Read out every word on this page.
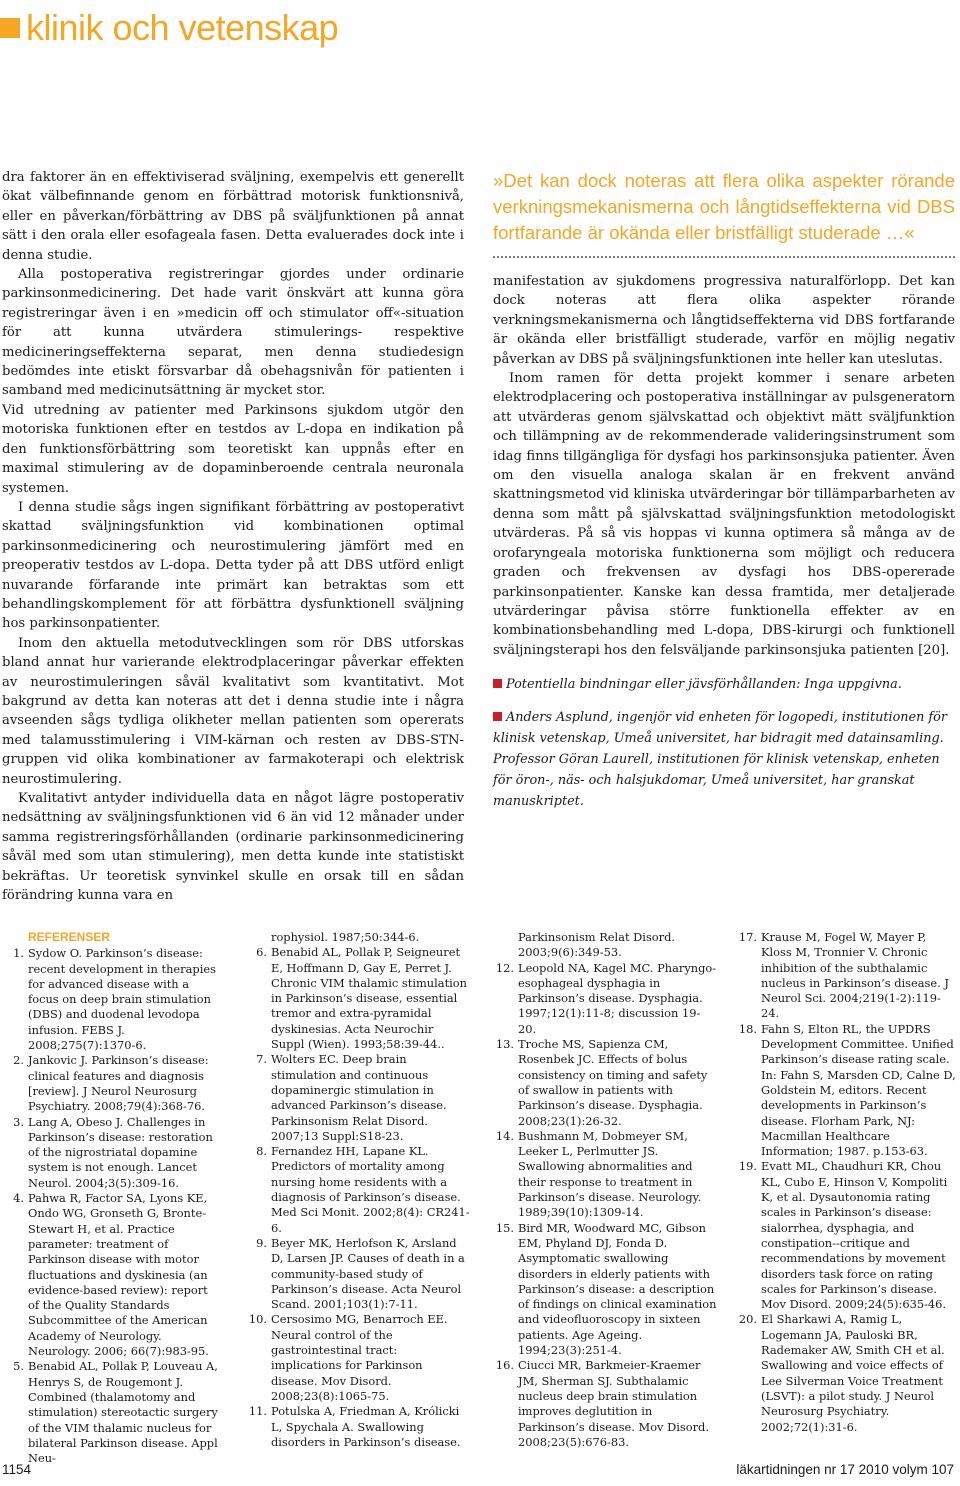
klinik och vetenskap

dra faktorer än en effektiviserad sväljning, exempelvis ett generellt ökat välbefinnande genom en förbättrad motorisk funktionsnivå, eller en påverkan/förbättring av DBS på sväljfunktionen på annat sätt i den orala eller esofageala fasen. Detta evaluerades dock inte i denna studie.

Alla postoperativa registreringar gjordes under ordinarie parkinsonmedicinering. Det hade varit önskvärt att kunna göra registreringar även i en »medicin off och stimulator off«-situation för att kunna utvärdera stimulerings- respektive medicineringseffekterna separat, men denna studiedesign bedömdes inte etiskt försvarbar då obehagsnivån för patienten i samband med medicinutsättning är mycket stor.

Vid utredning av patienter med Parkinsons sjukdom utgör den motoriska funktionen efter en testdos av L-dopa en indikation på den funktionsförbättring som teoretiskt kan uppnås efter en maximal stimulering av de dopaminberoende centrala neuronala systemen.

I denna studie sågs ingen signifikant förbättring av postoperativt skattad sväljningsfunktion vid kombinationen optimal parkinsonmedicinering och neurostimulering jämfört med en preoperativ testdos av L-dopa. Detta tyder på att DBS utförd enligt nuvarande förfarande inte primärt kan betraktas som ett behandlingskomplement för att förbättra dysfunktionell sväljning hos parkinsonpatienter.

Inom den aktuella metodutvecklingen som rör DBS utforskas bland annat hur varierande elektrodplaceringar påverkar effekten av neurostimuleringen såväl kvalitativt som kvantitativt. Mot bakgrund av detta kan noteras att det i denna studie inte i några avseenden sågs tydliga olikheter mellan patienten som opererats med talamusstimulering i VIM-kärnan och resten av DBS-STN-gruppen vid olika kombinationer av farmakoterapi och elektrisk neurostimulering.

Kvalitativt antyder individuella data en något lägre postoperativ nedsättning av sväljningsfunktionen vid 6 än vid 12 månader under samma registreringsförhållanden (ordinarie parkinsonmedicinering såväl med som utan stimulering), men detta kunde inte statistiskt bekräftas. Ur teoretisk synvinkel skulle en orsak till en sådan förändring kunna vara en

»Det kan dock noteras att flera olika aspekter rörande verkningsmekanismerna och långtidseffekterna vid DBS fortfarande är okända eller bristfälligt studerade …«

manifestation av sjukdomens progressiva naturalförlopp. Det kan dock noteras att flera olika aspekter rörande verkningsmekanismerna och långtidseffekterna vid DBS fortfarande är okända eller bristfälligt studerade, varför en möjlig negativ påverkan av DBS på sväljningsfunktionen inte heller kan uteslutas.

Inom ramen för detta projekt kommer i senare arbeten elektrodplacering och postoperativa inställningar av pulsgeneratorn att utvärderas genom självskattad och objektivt mätt sväljfunktion och tillämpning av de rekommenderade valideringsinstrument som idag finns tillgängliga för dysfagi hos parkinsonsjuka patienter. Även om den visuella analoga skalan är en frekvent använd skattningsmetod vid kliniska utvärderingar bör tillämparbarheten av denna som mått på självskattad sväljningsfunktion metodologiskt utvärderas. På så vis hoppas vi kunna optimera så många av de orofaryngeala motoriska funktionerna som möjligt och reducera graden och frekvensen av dysfagi hos DBS-opererade parkinsonpatienter. Kanske kan dessa framtida, mer detaljerade utvärderingar påvisa större funktionella effekter av en kombinationsbehandling med L-dopa, DBS-kirurgi och funktionell sväljningsterapi hos den felsväljande parkinsonsjuka patienten [20].

Potentiella bindningar eller jävsförhållanden: Inga uppgivna.
Anders Asplund, ingenjör vid enheten för logopedi, institutionen för klinisk vetenskap, Umeå universitet, har bidragit med datainsamling. Professor Göran Laurell, institutionen för klinisk vetenskap, enheten för öron-, näs- och halsjukdomar, Umeå universitet, har granskat manuskriptet.
REFERENSER
1. Sydow O. Parkinson’s disease: recent development in therapies for advanced disease with a focus on deep brain stimulation (DBS) and duodenal levodopa infusion. FEBS J. 2008;275(7):1370-6.
2. Jankovic J. Parkinson’s disease: clinical features and diagnosis [review]. J Neurol Neurosurg Psychiatry. 2008;79(4):368-76.
3. Lang A, Obeso J. Challenges in Parkinson’s disease: restoration of the nigrostriatal dopamine system is not enough. Lancet Neurol. 2004;3(5):309-16.
4. Pahwa R, Factor SA, Lyons KE, Ondo WG, Gronseth G, Bronte-Stewart H, et al. Practice parameter: treatment of Parkinson disease with motor fluctuations and dyskinesia (an evidence-based review): report of the Quality Standards Subcommittee of the American Academy of Neurology. Neurology. 2006; 66(7):983-95.
5. Benabid AL, Pollak P, Louveau A, Henrys S, de Rougemont J. Combined (thalamotomy and stimulation) stereotactic surgery of the VIM thalamic nucleus for bilateral Parkinson disease. Appl Neu-
rophysiol. 1987;50:344-6.
6. Benabid AL, Pollak P, Seigneuret E, Hoffmann D, Gay E, Perret J. Chronic VIM thalamic stimulation in Parkinson’s disease, essential tremor and extra-pyramidal dyskinesias. Acta Neurochir Suppl (Wien). 1993;58:39-44..
7. Wolters EC. Deep brain stimulation and continuous dopaminergic stimulation in advanced Parkinson’s disease. Parkinsonism Relat Disord. 2007;13 Suppl:S18-23.
8. Fernandez HH, Lapane KL. Predictors of mortality among nursing home residents with a diagnosis of Parkinson’s disease. Med Sci Monit. 2002;8(4): CR241-6.
9. Beyer MK, Herlofson K, Arsland D, Larsen JP. Causes of death in a community-based study of Parkinson’s disease. Acta Neurol Scand. 2001;103(1):7-11.
10. Cersosimo MG, Benarroch EE. Neural control of the gastrointestinal tract: implications for Parkinson disease. Mov Disord. 2008;23(8):1065-75.
11. Potulska A, Friedman A, Królicki L, Spychala A. Swallowing disorders in Parkinson’s disease.
Parkinsonism Relat Disord. 2003;9(6):349-53.
12. Leopold NA, Kagel MC. Pharyngo-esophageal dysphagia in Parkinson’s disease. Dysphagia. 1997;12(1):11-8; discussion 19-20.
13. Troche MS, Sapienza CM, Rosenbek JC. Effects of bolus consistency on timing and safety of swallow in patients with Parkinson’s disease. Dysphagia. 2008;23(1):26-32.
14. Bushmann M, Dobmeyer SM, Leeker L, Perlmutter JS. Swallowing abnormalities and their response to treatment in Parkinson’s disease. Neurology. 1989;39(10):1309-14.
15. Bird MR, Woodward MC, Gibson EM, Phyland DJ, Fonda D. Asymptomatic swallowing disorders in elderly patients with Parkinson’s disease: a description of findings on clinical examination and videofluoroscopy in sixteen patients. Age Ageing. 1994;23(3):251-4.
16. Ciucci MR, Barkmeier-Kraemer JM, Sherman SJ. Subthalamic nucleus deep brain stimulation improves deglutition in Parkinson’s disease. Mov Disord. 2008;23(5):676-83.
17. Krause M, Fogel W, Mayer P, Kloss M, Tronnier V. Chronic inhibition of the subthalamic nucleus in Parkinson’s disease. J Neurol Sci. 2004;219(1-2):119-24.
18. Fahn S, Elton RL, the UPDRS Development Committee. Unified Parkinson’s disease rating scale. In: Fahn S, Marsden CD, Calne D, Goldstein M, editors. Recent developments in Parkinson’s disease. Florham Park, NJ: Macmillan Healthcare Information; 1987. p.153-63.
19. Evatt ML, Chaudhuri KR, Chou KL, Cubo E, Hinson V, Kompoliti K, et al. Dysautonomia rating scales in Parkinson’s disease: sialorrhea, dysphagia, and constipation--critique and recommendations by movement disorders task force on rating scales for Parkinson’s disease. Mov Disord. 2009;24(5):635-46.
20. El Sharkawi A, Ramig L, Logemann JA, Pauloski BR, Rademaker AW, Smith CH et al. Swallowing and voice effects of Lee Silverman Voice Treatment (LSVT): a pilot study. J Neurol Neurosurg Psychiatry. 2002;72(1):31-6.
1154	läkartidningen nr 17 2010 volym 107
